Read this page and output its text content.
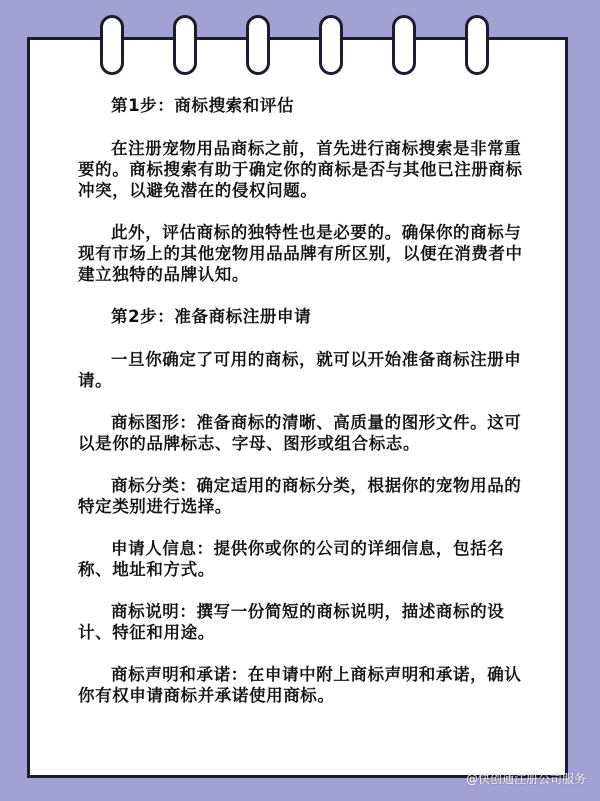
第1步：商标搜索和评估

在注册宠物用品商标之前，首先进行商标搜索是非常重要的。商标搜索有助于确定你的商标是否与其他已注册商标冲突，以避免潜在的侵权问题。

此外，评估商标的独特性也是必要的。确保你的商标与现有市场上的其他宠物用品品牌有所区别，以便在消费者中建立独特的品牌认知。

第2步：准备商标注册申请

一旦你确定了可用的商标，就可以开始准备商标注册申请。

商标图形：准备商标的清晰、高质量的图形文件。这可以是你的品牌标志、字母、图形或组合标志。

商标分类：确定适用的商标分类，根据你的宠物用品的特定类别进行选择。

申请人信息：提供你或你的公司的详细信息，包括名称、地址和方式。

商标说明：撰写一份简短的商标说明，描述商标的设计、特征和用途。

商标声明和承诺：在申请中附上商标声明和承诺，确认你有权申请商标并承诺使用商标。

@快创通注册公司服务
